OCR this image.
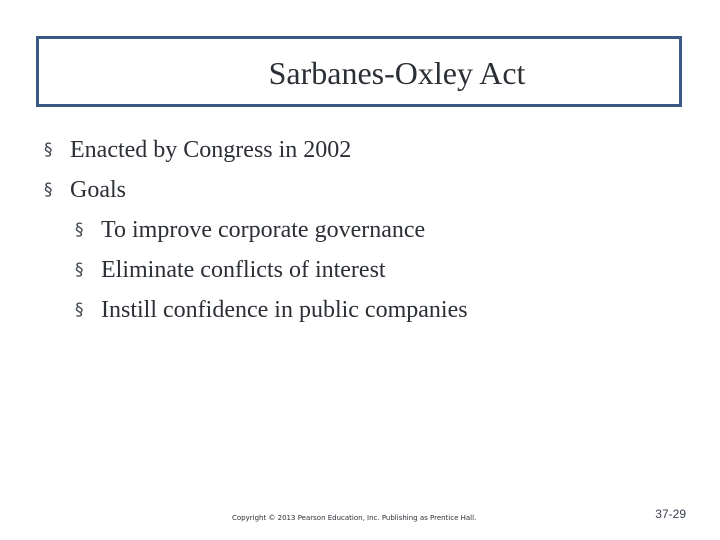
Sarbanes-Oxley Act
§ Enacted by Congress in 2002
§ Goals
§ To improve corporate governance
§ Eliminate conflicts of interest
§ Instill confidence in public companies
Copyright © 2013 Pearson Education, Inc. Publishing as Prentice Hall.	37-29
